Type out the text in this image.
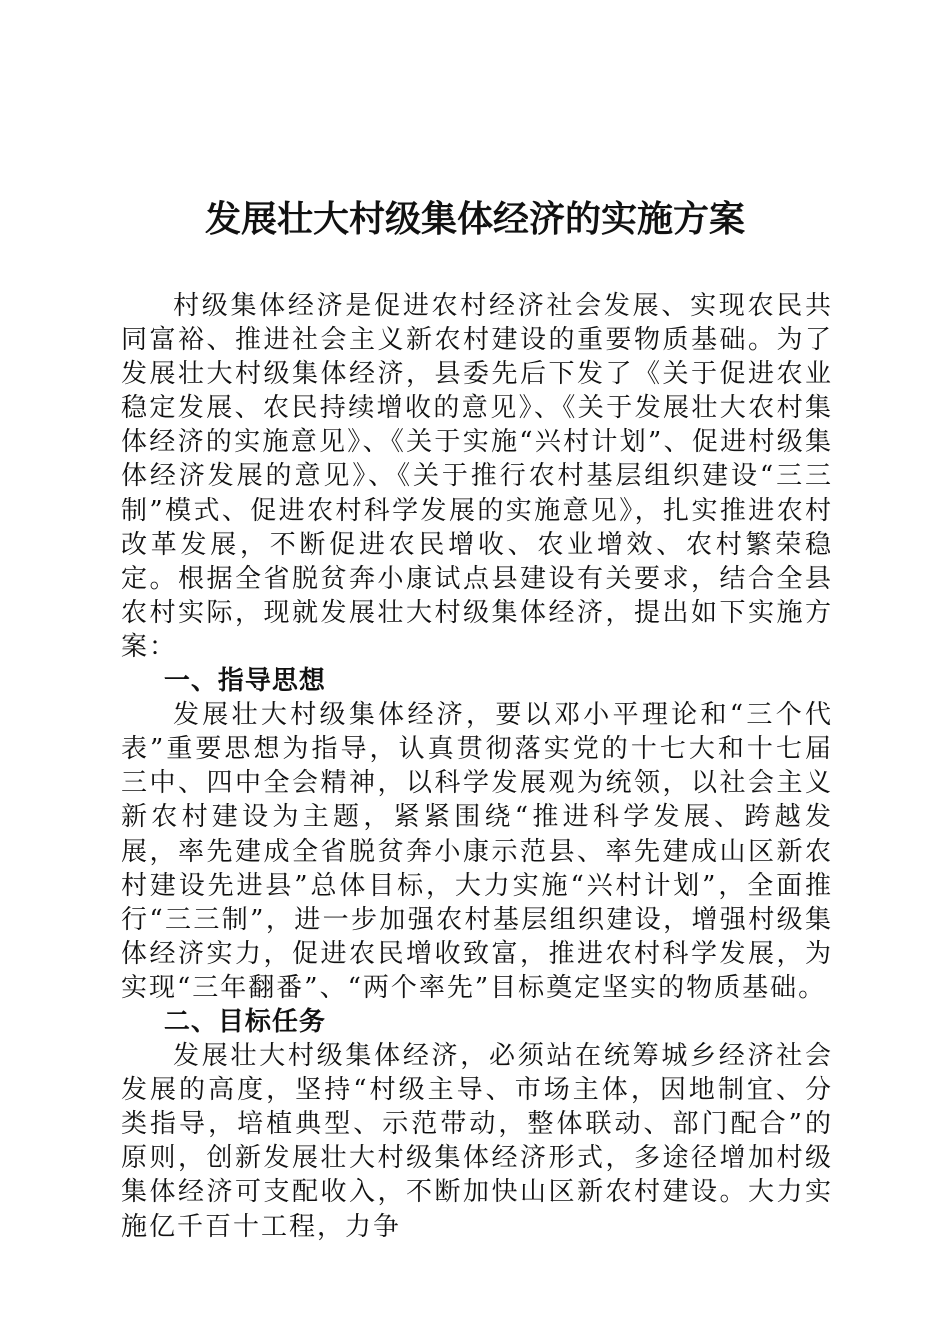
发展壮大村级集体经济的实施方案

村级集体经济是促进农村经济社会发展、实现农民共同富裕、推进社会主义新农村建设的重要物质基础。为了发展壮大村级集体经济，县委先后下发了《关于促进农业稳定发展、农民持续增收的意见》、《关于发展壮大农村集体经济的实施意见》、《关于实施“兴村计划”、促进村级集体经济发展的意见》、《关于推行农村基层组织建设“三三制”模式、促进农村科学发展的实施意见》，扎实推进农村改革发展，不断促进农民增收、农业增效、农村繁荣稳定。根据全省脱贫奔小康试点县建设有关要求，结合全县农村实际，现就发展壮大村级集体经济，提出如下实施方案：

一、指导思想

发展壮大村级集体经济，要以邓小平理论和“三个代表”重要思想为指导，认真贯彻落实党的十七大和十七届三中、四中全会精神，以科学发展观为统领，以社会主义新农村建设为主题，紧紧围绕“推进科学发展、跨越发展，率先建成全省脱贫奔小康示范县、率先建成山区新农村建设先进县”总体目标，大力实施“兴村计划”，全面推行“三三制”，进一步加强农村基层组织建设，增强村级集体经济实力，促进农民增收致富，推进农村科学发展，为实现“三年翻番”、“两个率先”目标奠定坚实的物质基础。

二、目标任务

发展壮大村级集体经济，必须站在统筹城乡经济社会发展的高度，坚持“村级主导、市场主体，因地制宜、分类指导，培植典型、示范带动，整体联动、部门配合”的原则，创新发展壮大村级集体经济形式，多途径增加村级集体经济可支配收入，不断加快山区新农村建设。大力实施亿千百十工程，力争
